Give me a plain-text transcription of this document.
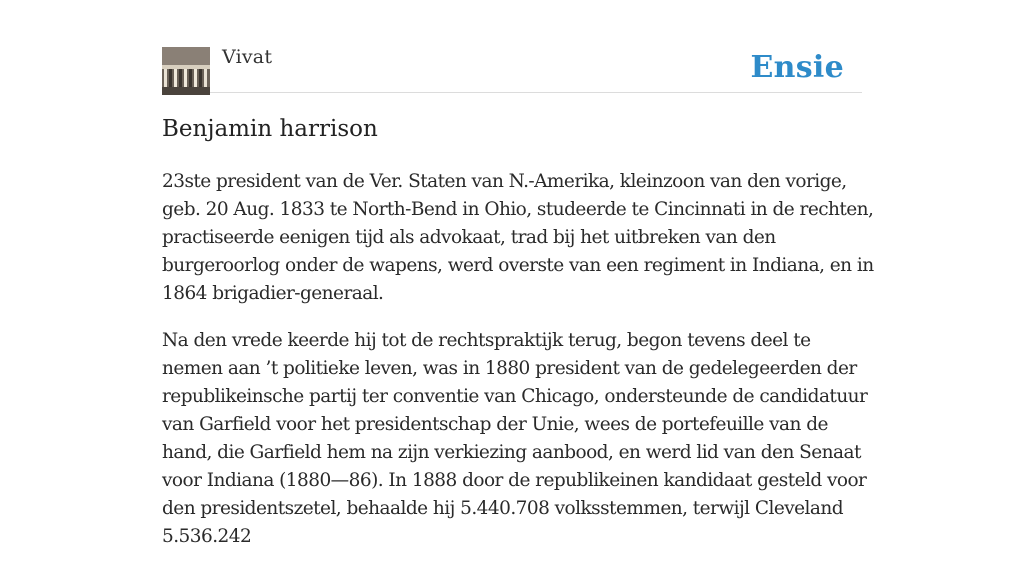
Vivat	Ensie
Benjamin harrison

23ste president van de Ver. Staten van N.-Amerika, kleinzoon van den vorige, geb. 20 Aug. 1833 te North-Bend in Ohio, studeerde te Cincinnati in de rechten, practiseerde eenigen tijd als advokaat, trad bij het uitbreken van den burgeroorlog onder de wapens, werd overste van een regiment in Indiana, en in 1864 brigadier-generaal.

Na den vrede keerde hij tot de rechtspraktijk terug, begon tevens deel te nemen aan ’t politieke leven, was in 1880 president van de gedelegeerden der republikeinsche partij ter conventie van Chicago, ondersteunde de candidatuur van Garfield voor het presidentschap der Unie, wees de portefeuille van de hand, die Garfield hem na zijn verkiezing aanbood, en werd lid van den Senaat voor Indiana (1880—86). In 1888 door de republikeinen kandidaat gesteld voor den presidentszetel, behaalde hij 5.440.708 volksstemmen, terwijl Cleveland 5.536.242
